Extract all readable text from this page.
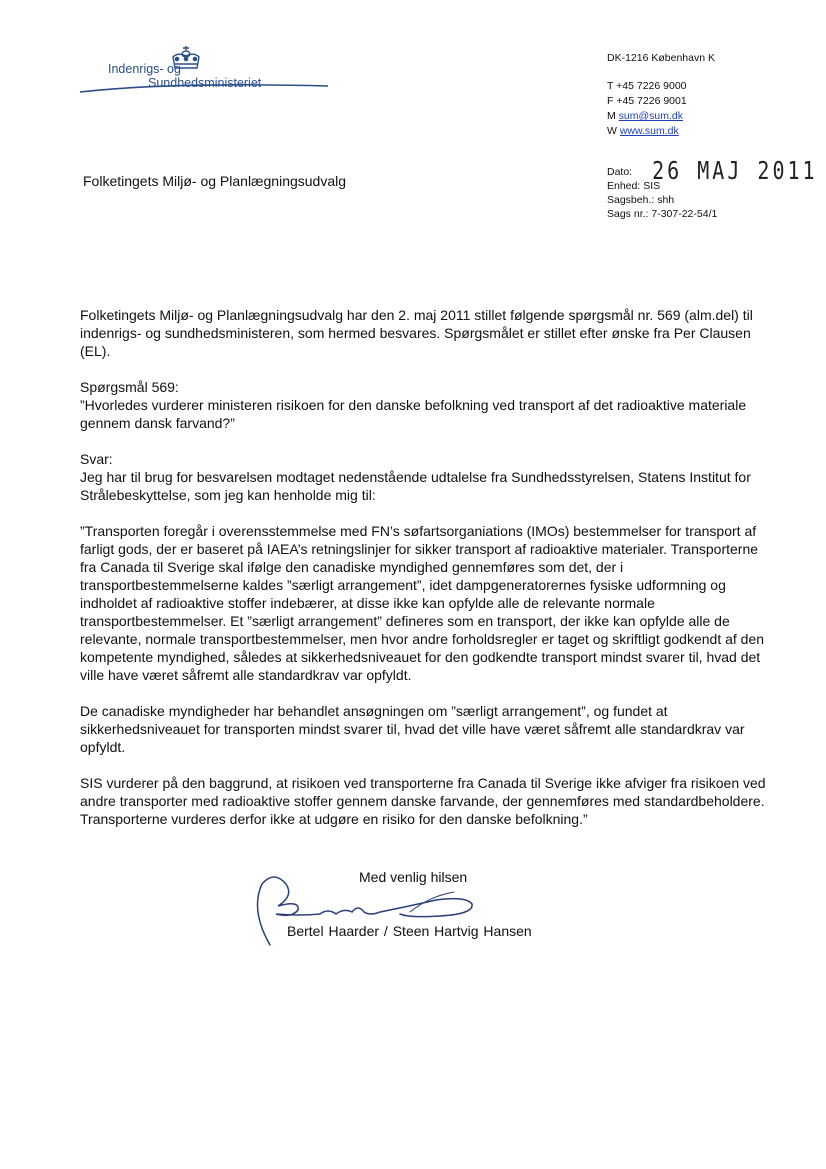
Indenrigs- og
Sundhedsministeriet
DK-1216 København K
T +45 7226 9000
F +45 7226 9001
M sum@sum.dk
W www.sum.dk
Dato: 26 MAJ 2011
Enhed: SIS
Sagsbeh.: shh
Sags nr.: 7-307-22-54/1
Folketingets Miljø- og Planlægningsudvalg

Folketingets Miljø- og Planlægningsudvalg har den 2. maj 2011 stillet følgende spørgsmål nr. 569 (alm.del) til indenrigs- og sundhedsministeren, som hermed besvares. Spørgsmålet er stillet efter ønske fra Per Clausen (EL).

Spørgsmål 569:
”Hvorledes vurderer ministeren risikoen for den danske befolkning ved transport af det radioaktive materiale gennem dansk farvand?”

Svar:
Jeg har til brug for besvarelsen modtaget nedenstående udtalelse fra Sundhedsstyrelsen, Statens Institut for Strålebeskyttelse, som jeg kan henholde mig til:

”Transporten foregår i overensstemmelse med FN’s søfartsorganiations (IMOs) bestemmelser for transport af farligt gods, der er baseret på IAEA’s retningslinjer for sikker transport af radioaktive materialer. Transporterne fra Canada til Sverige skal ifølge den canadiske myndighed gennemføres som det, der i transportbestemmelserne kaldes ”særligt arrangement”, idet dampgeneratorernes fysiske udformning og indholdet af radioaktive stoffer indebærer, at disse ikke kan opfylde alle de relevante normale transportbestemmelser. Et ”særligt arrangement” defineres som en transport, der ikke kan opfylde alle de relevante, normale transportbestemmelser, men hvor andre forholdsregler er taget og skriftligt godkendt af den kompetente myndighed, således at sikkerhedsniveauet for den godkendte transport mindst svarer til, hvad det ville have været såfremt alle standardkrav var opfyldt.

De canadiske myndigheder har behandlet ansøgningen om ”særligt arrangement”, og fundet at sikkerhedsniveauet for transporten mindst svarer til, hvad det ville have været såfremt alle standardkrav var opfyldt.

SIS vurderer på den baggrund, at risikoen ved transporterne fra Canada til Sverige ikke afviger fra risikoen ved andre transporter med radioaktive stoffer gennem danske farvande, der gennemføres med standardbeholdere. Transporterne vurderes derfor ikke at udgøre en risiko for den danske befolkning.”

Med venlig hilsen
Bertel Haarder / Steen Hartvig Hansen
